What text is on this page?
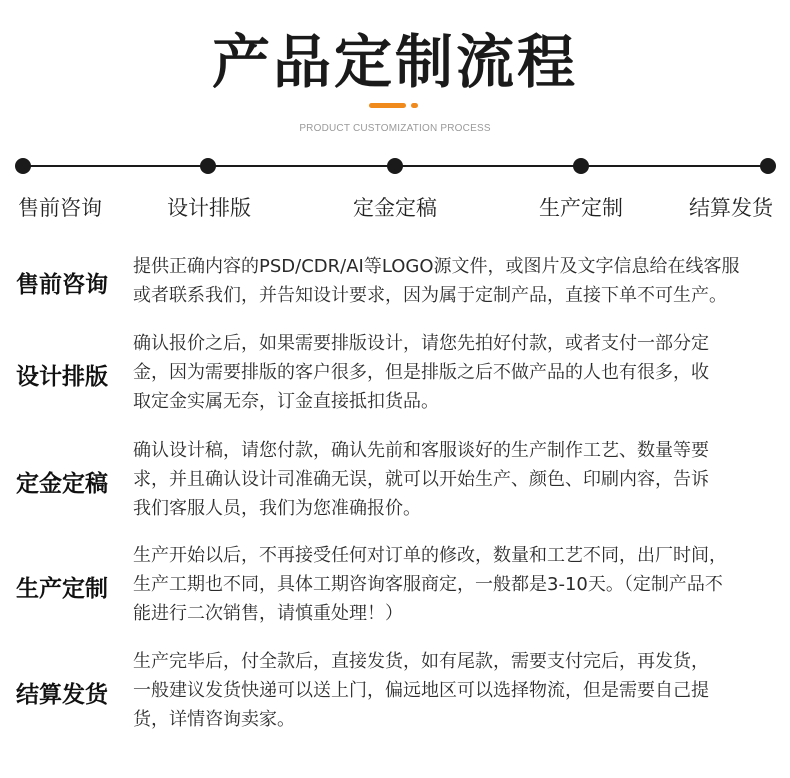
产品定制流程
PRODUCT CUSTOMIZATION PROCESS
售前咨询	设计排版	定金定稿	生产定制	结算发货
售前咨询
提供正确内容的PSD/CDR/AI等LOGO源文件，或图片及文字信息给在线客服
或者联系我们，并告知设计要求，因为属于定制产品，直接下单不可生产。
设计排版
确认报价之后，如果需要排版设计，请您先拍好付款，或者支付一部分定
金，因为需要排版的客户很多，但是排版之后不做产品的人也有很多，收
取定金实属无奈，订金直接抵扣货品。
定金定稿
确认设计稿，请您付款，确认先前和客服谈好的生产制作工艺、数量等要
求，并且确认设计司准确无误，就可以开始生产、颜色、印刷内容，告诉
我们客服人员，我们为您准确报价。
生产定制
生产开始以后，不再接受任何对订单的修改，数量和工艺不同，出厂时间，
生产工期也不同，具体工期咨询客服商定，一般都是3-10天。（定制产品不
能进行二次销售，请慎重处理！）
结算发货
生产完毕后，付全款后，直接发货，如有尾款，需要支付完后，再发货，
一般建议发货快递可以送上门，偏远地区可以选择物流，但是需要自己提
货，详情咨询卖家。
